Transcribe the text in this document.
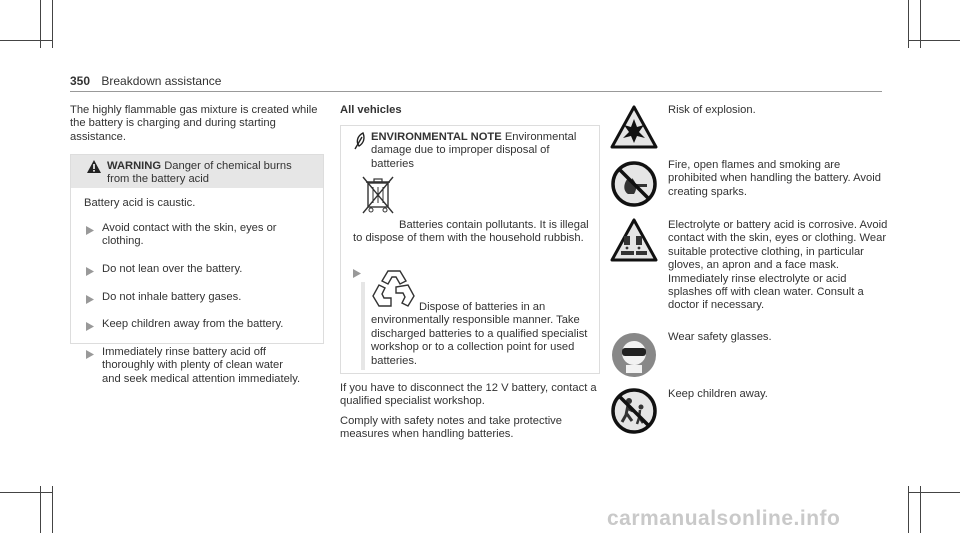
350 Breakdown assistance
The highly flammable gas mixture is created while the battery is charging and during starting assistance.
WARNING Danger of chemical burns from the battery acid
Battery acid is caustic.
Avoid contact with the skin, eyes or clothing.
Do not lean over the battery.
Do not inhale battery gases.
Keep children away from the battery.
Immediately rinse battery acid off thoroughly with plenty of clean water and seek medical attention immediately.
All vehicles
ENVIRONMENTAL NOTE Environmental damage due to improper disposal of batteries
Batteries contain pollutants. It is illegal to dispose of them with the household rubbish.
Dispose of batteries in an environmentally responsible manner. Take discharged batteries to a qualified specialist workshop or to a collection point for used batteries.
If you have to disconnect the 12 V battery, contact a qualified specialist workshop.
Comply with safety notes and take protective measures when handling batteries.
Risk of explosion.
Fire, open flames and smoking are prohibited when handling the battery. Avoid creating sparks.
Electrolyte or battery acid is corrosive. Avoid contact with the skin, eyes or clothing. Wear suitable protective clothing, in particular gloves, an apron and a face mask. Immediately rinse electrolyte or acid splashes off with clean water. Consult a doctor if necessary.
Wear safety glasses.
Keep children away.
carmanualsonline.info
